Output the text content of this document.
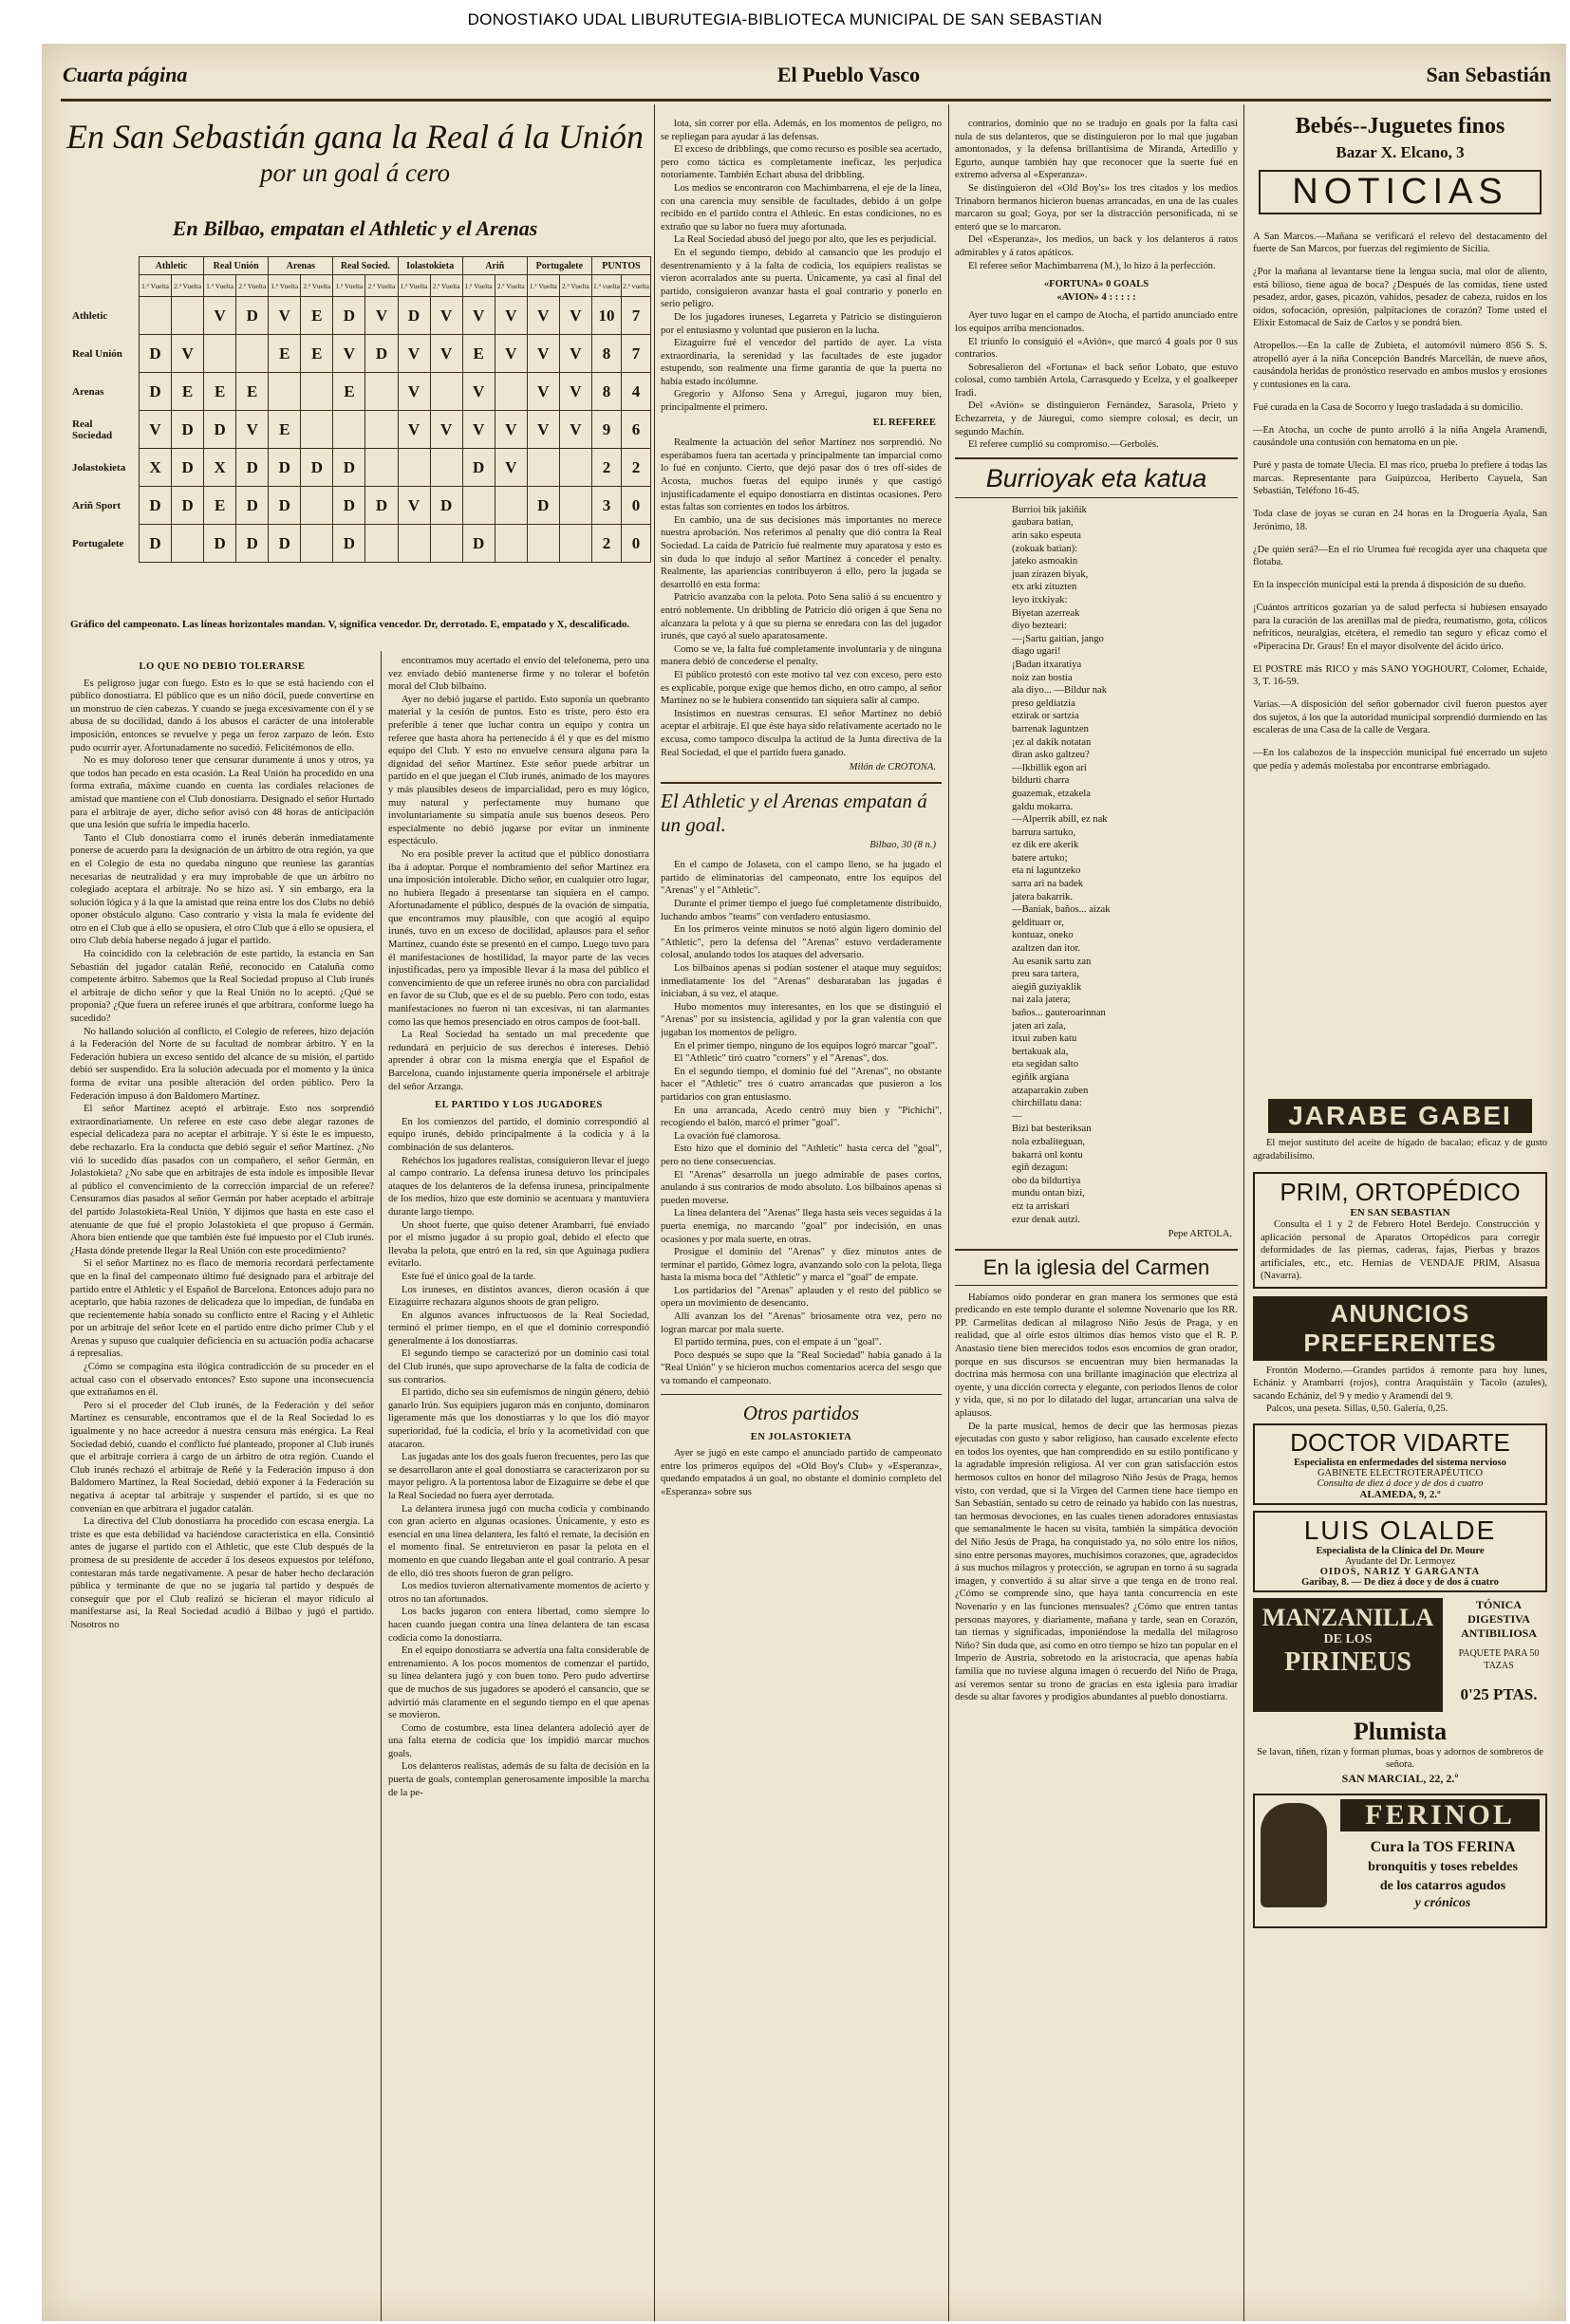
DONOSTIAKO UDAL LIBURUTEGIA-BIBLIOTECA MUNICIPAL DE SAN SEBASTIAN
Cuarta página	El Pueblo Vasco	San Sebastián
En San Sebastián gana la Real á la Unión
por un goal á cero
En Bilbao, empatan el Athletic y el Arenas
	Athletic		Real Unión		Arenas		Real Socied.		Iolastokieta		Ariñ		Portugalete		PUNTOS	
	1.ª Vuelta	2.ª Vuelta	1.ª Vuelta	2.ª Vuelta	1.ª Vuelta	2.ª Vuelta	1.ª Vuelta	2.ª Vuelta	1.ª Vuelta	2.ª Vuelta	1.ª Vuelta	2.ª Vuelta	1.ª Vuelta	2.ª Vuelta	1.ª vuelta	2.ª vuelta
Athletic			V	D	V	E	D	V	D	V	V	V	V	V	10	7
Real Unión	D	V			E	E	V	D	V	V	E	V	V	V	8	7
Arenas	D	E	E	E			E		V		V		V	V	8	4
Real Sociedad	V	D	D	V	E				V	V	V	V	V	V	9	6
Jolastokieta	X	D	X	D	D	D	D				D	V			2	2
Ariñ Sport	D	D	E	D	D		D	D	V	D			D		3	0
Portugalete	D		D	D	D		D				D				2	0
Gráfico del campeonato. Las líneas horizontales mandan. V, significa vencedor. Dr, derrotado. E, empatado y X, descalificado.
LO QUE NO DEBIO TOLERARSE

Es peligroso jugar con fuego. Esto es lo que se está haciendo con el público donostiarra. El público que es un niño dócil, puede convertirse en un monstruo de cien cabezas. Y cuando se juega excesivamente con él y se abusa de su docilidad, dando á los abusos el carácter de una intolerable imposición, entonces se revuelve y pega un feroz zarpazo de león. Esto pudo ocurrir ayer. Afortunadamente no sucedió. Felicitémonos de ello.

No es muy doloroso tener que censurar duramente á unos y otros, ya que todos han pecado en esta ocasión. La Real Unión ha procedido en una forma extraña, máxime cuando en cuenta las cordiales relaciones de amistad que mantiene con el Club donostiarra. Designado el señor Hurtado para el arbitraje de ayer, dicho señor avisó con 48 horas de anticipación que una lesión que sufría le impedía hacerlo.

Tanto el Club donostiarra como el irunés deberán inmediatamente ponerse de acuerdo para la designación de un árbitro de otra región, ya que en el Colegio de esta no quedaba ninguno que reuniese las garantías necesarias de neutralidad y era muy improbable de que un árbitro no colegiado aceptara el arbitraje. No se hizo así. Y sin embargo, era la solución lógica y á la que la amistad que reina entre los dos Clubs no debió oponer obstáculo alguno. Caso contrario y vista la mala fe evidente del otro en el Club que á ello se opusiera, el otro Club que á ello se opusiera, el otro Club debía haberse negado á jugar el partido.

Ha coincidido con la celebración de este partido, la estancia en San Sebastián del jugador catalán Reñé, reconocido en Cataluña como competente árbitro. Sabemos que la Real Sociedad propuso al Club irunés el arbitraje de dicho señor y que la Real Unión no lo aceptó. ¿Qué se proponía? ¿Que fuera un referee irunés el que arbitrara, conforme luego ha sucedido?

No hallando solución al conflicto, el Colegio de referees, hizo dejación á la Federación del Norte de su facultad de nombrar árbitro. Y en la Federación hubiera un exceso sentido del alcance de su misión, el partido debió ser suspendido. Era la solución adecuada por el momento y la única forma de evitar una posible alteración del orden público. Pero la Federación impuso á don Baldomero Martínez.

El señor Martínez aceptó el arbitraje. Esto nos sorprendió extraordinariamente. Un referee en este caso debe alegar razones de especial delicadeza para no aceptar el arbitraje. Y si éste le es impuesto, debe rechazarlo. Era la conducta que debió seguir el señor Martínez. ¿No vió lo sucedido días pasados con un compañero, el señor Germán, en Jolastokieta? ¿No sabe que en arbitrajes de esta índole es imposible llevar al público el convencimiento de la corrección imparcial de un referee? Censuramos días pasados al señor Germán por haber aceptado el arbitraje del partido Jolastokieta-Real Unión, Y dijimos que hasta en este caso el atenuante de que fué el propio Jolastokieta el que propuso á Germán. Ahora bien entiende que que también éste fué impuesto por el Club irunés. ¿Hasta dónde pretende llegar la Real Unión con este procedimiento?

Si el señor Martínez no es flaco de memoria recordará perfectamente que en la final del campeonato último fué designado para el arbitraje del partido entre el Athletic y el Español de Barcelona. Entonces adujo para no aceptarlo, que había razones de delicadeza que lo impedían, de fundaba en que recientemente había sonado su conflicto entre el Racing y el Athletic por un arbitraje del señor Icete en el partido entre dicho primer Club y el Arenas y supuso que cualquier deficiencia en su actuación podía achacarse á represalias.

¿Cómo se compagina esta ilógica contradicción de su proceder en el actual caso con el observado entonces? Esto supone una inconsecuencia que extrañamos en él.

Pero si el proceder del Club irunés, de la Federación y del señor Martínez es censurable, encontramos que el de la Real Sociedad lo es igualmente y no hace acreedor á nuestra censura más enérgica. La Real Sociedad debió, cuando el conflicto fué planteado, proponer al Club irunés que el arbitraje corriera á cargo de un árbitro de otra región. Cuando el Club irunés rechazó el arbitraje de Reñé y la Federación impuso á don Baldomero Martínez, la Real Sociedad, debió exponer á la Federación su negativa á aceptar tal arbitraje y suspender el partido, si es que no convenían en que arbitrara el jugador catalán.

La directiva del Club donostiarra ha procedido con escasa energía. La triste es que esta debilidad va haciéndose característica en ella. Consintió antes de jugarse el partido con el Athletic, que este Club después de la promesa de su presidente de acceder á los deseos expuestos por teléfono, contestaran más tarde negativamente. A pesar de haber hecho declaración pública y terminante de que no se jugaría tal partido y después de conseguir que por el Club realizó se hicieran el mayor ridículo al manifestarse así, la Real Sociedad acudió á Bilbao y jugó el partido. Nosotros no

encontramos muy acertado el envío del telefonema, pero una vez enviado debió mantenerse firme y no tolerar el bofetón moral del Club bilbaíno.

Ayer no debió jugarse el partido. Esto suponía un quebranto material y la cesión de puntos. Esto es triste, pero ésto era preferible á tener que luchar contra un equipo y contra un referee que hasta ahora ha pertenecido á él y que es del mismo equipo del Club. Y esto no envuelve censura alguna para la dignidad del señor Martínez. Este señor puede arbitrar un partido en el que juegan el Club irunés, animado de los mayores y más plausibles deseos de imparcialidad, pero es muy lógico, muy natural y perfectamente muy humano que involuntariamente su simpatía anule sus buenos deseos. Pero especialmente no debió jugarse por evitar un inminente espectáculo.

No era posible prever la actitud que el público donostiarra iba á adoptar. Porque el nombramiento del señor Martínez era una imposición intolerable. Dicho señor, en cualquier otro lugar, no hubiera llegado á presentarse tan siquiera en el campo. Afortunadamente el público, después de la ovación de simpatía, que encontramos muy plausible, con que acogió al equipo irunés, tuvo en un exceso de docilidad, aplausos para el señor Martínez, cuando éste se presentó en el campo. Luego tuvo para él manifestaciones de hostilidad, la mayor parte de las veces injustificadas, pero ya imposible llevar á la masa del público el convencimiento de que un referee irunés no obra con parcialidad en favor de su Club, que es el de su pueblo. Pero con todo, estas manifestaciones no fueron ni tan excesivas, ni tan alarmantes como las que hemos presenciado en otros campos de foot-ball.

La Real Sociedad ha sentado un mal precedente que redundará en perjuicio de sus derechos é intereses. Debió aprender á obrar con la misma energía que el Español de Barcelona, cuando injustamente quería imponérsele el arbitraje del señor Arzanga.

EL PARTIDO Y LOS JUGADORES

En los comienzos del partido, el dominio correspondió al equipo irunés, debido principalmente á la codicia y á la combinación de sus delanteros.

Rehéchos los jugadores realistas, consiguieron llevar el juego al campo contrario. La defensa irunesa detuvo los principales ataques de los delanteros de la defensa irunesa, principalmente de los medios, hizo que este dominio se acentuara y mantuviera durante largo tiempo.

Un shoot fuerte, que quiso detener Arambarri, fué enviado por el mismo jugador á su propio goal, debido el efecto que llevaba la pelota, que entró en la red, sin que Aguinaga pudiera evitarlo.

Este fué el único goal de la tarde.

Los iruneses, en distintos avances, dieron ocasión á que Eizaguirre rechazara algunos shoots de gran peligro.

En algunos avances infructuosos de la Real Sociedad, terminó el primer tiempo, en el que el dominio correspondió generalmente á los donostiarras.

El segundo tiempo se caracterizó por un dominio casi total del Club irunés, que supo aprovecharse de la falta de codicia de sus contrarios.

El partido, dicho sea sin eufemismos de ningún género, debió ganarlo Irún. Sus equipiers jugaron más en conjunto, dominaron ligeramente más que los donostiarras y lo que los dió mayor superioridad, fué la codicia, el brío y la acometividad con que atacaron.

Las jugadas ante los dos goals fueron frecuentes, pero las que se desarrollaron ante el goal donostiarra se caracterizaron por su mayor peligro. A la portentosa labor de Eizaguirre se debe el que la Real Sociedad no fuera ayer derrotada.

La delantera irunesa jugó con mucha codicia y combinando con gran acierto en algunas ocasiones. Únicamente, y esto es esencial en una línea delantera, les faltó el remate, la decisión en el momento final. Se entretuvieron en pasar la pelota en el momento en que cuando llegaban ante el goal contrario. A pesar de ello, dió tres shoots fueron de gran peligro.

Los medios tuvieron alternativamente momentos de acierto y otros no tan afortunados.

Los backs jugaron con entera libertad, como siempre lo hacen cuando juegan contra una línea delantera de tan escasa codicia como la donostiarra.

En el equipo donostiarra se advertía una falta considerable de entrenamiento. A los pocos momentos de comenzar el partido, su línea delantera jugó y con buen tono. Pero pudo advertirse que de muchos de sus jugadores se apoderó el cansancio, que se advirtió más claramente en el segundo tiempo en el que apenas se movieron.

Como de costumbre, esta línea delantera adoleció ayer de una falta eterna de codicia que los impidió marcar muchos goals.

Los delanteros realistas, además de su falta de decisión en la puerta de goals, contemplan generosamente imposible la marcha de la pe-

lota, sin correr por ella. Además, en los momentos de peligro, no se repliegan para ayudar á las defensas.

El exceso de dribblings, que como recurso es posible sea acertado, pero como táctica es completamente ineficaz, les perjudica notoriamente. También Echart abusa del dribbling.

Los medios se encontraron con Machimbarrena, el eje de la línea, con una carencia muy sensible de facultades, debido á un golpe recibido en el partido contra el Athletic. En estas condiciones, no es extraño que su labor no fuera muy afortunada.

La Real Sociedad abusó del juego por alto, que les es perjudicial.

En el segundo tiempo, debido al cansancio que les produjo el desentrenamiento y á la falta de codicia, los equipiers realistas se vieron acorralados ante su puerta. Únicamente, ya casi al final del partido, consiguieron avanzar hasta el goal contrario y ponerlo en serio peligro.

De los jugadores iruneses, Legarreta y Patricio se distinguieron por el entusiasmo y voluntad que pusieron en la lucha.

Eizaguirre fué el vencedor del partido de ayer. La vista extraordinaria, la serenidad y las facultades de este jugador estupendo, son realmente una firme garantía de que la puerta no había estado incólumne.

Gregorio y Alfonso Sena y Arregui, jugaron muy bien, principalmente el primero.

EL REFEREE

Realmente la actuación del señor Martínez nos sorprendió. No esperábamos fuera tan acertada y principalmente tan imparcial como lo fué en conjunto. Cierto, que dejó pasar dos ó tres off-sides de Acosta, muchos fueras del equipo irunés y que castigó injustificadamente el equipo donostiarra en distintas ocasiones. Pero estas faltas son corrientes en todos los árbitros.

En cambio, una de sus decisiones más importantes no merece nuestra aprobación. Nos referimos al penalty que dió contra la Real Sociedad. La caída de Patricio fué realmente muy aparatosa y esto es sin duda lo que indujo al señor Martínez á conceder el penalty. Realmente, las apariencias contribuyeron á ello, pero la jugada se desarrolló en esta forma:

Patricio avanzaba con la pelota. Poto Sena salió á su encuentro y entró noblemente. Un dribbling de Patricio dió origen á que Sena no alcanzara la pelota y á que su pierna se enredara con las del jugador irunés, que cayó al suelo aparatosamente.

Como se ve, la falta fué completamente involuntaria y de ninguna manera debió de concederse el penalty.

El público protestó con este motivo tal vez con exceso, pero esto es explicable, porque exige que hemos dicho, en otro campo, al señor Martínez no se le hubiera consentido tan siquiera salir al campo.

Insistimos en nuestras censuras. El señor Martínez no debió aceptar el arbitraje. El que éste haya sido relativamente acertado no le excusa, como tampoco disculpa la actitud de la Junta directiva de la Real Sociedad, el que el partido fuera ganado.

Milón de CROTONA.
El Athletic y el Arenas empatan á un goal.
Bilbao, 30 (8 n.)

En el campo de Jolaseta, con el campo lleno, se ha jugado el partido de eliminatorias del campeonato, entre los equipos del "Arenas" y el "Athletic".

Durante el primer tiempo el juego fué completamente distribuido, luchando ambos "teams" con verdadero entusiasmo.

En los primeros veinte minutos se notó algún ligero dominio del "Athletic", pero la defensa del "Arenas" estuvo verdaderamente colosal, anulando todos los ataques del adversario.

Los bilbaínos apenas si podían sostener el ataque muy seguidos; inmediatamente los del "Arenas" desbarataban las jugadas é iniciaban, á su vez, el ataque.

Hubo momentos muy interesantes, en los que se distinguió el "Arenas" por su insistencia, agilidad y por la gran valentía con que jugaban los momentos de peligro.

En el primer tiempo, ninguno de los equipos logró marcar "goal".

El "Athletic" tiró cuatro "corners" y el "Arenas", dos.

En el segundo tiempo, el dominio fué del "Arenas", no obstante hacer el "Athletic" tres ó cuatro arrancadas que pusieron a los partidarios con gran entusiasmo.

En una arrancada, Acedo centró muy bien y "Pichichi", recogiendo el balón, marcó el primer "goal".

La ovación fué clamorosa.

Esto hizo que el dominio del "Athletic" hasta cerca del "goal", pero no tiene consecuencias.

El "Arenas" desarrolla un juego admirable de pases cortos, anulando á sus contrarios de modo absoluto. Los bilbaínos apenas si pueden moverse.

La línea delantera del "Arenas" llega hasta seis veces seguidas á la puerta enemiga, no marcando "goal" por indecisión, en unas ocasiones y por mala suerte, en otras.

Prosigue el dominio del "Arenas" y diez minutos antes de terminar el partido, Gómez logra, avanzando solo con la pelota, llega hasta la misma boca del "Athletic" y marca el "goal" de empate.

Los partidarios del "Arenas" aplauden y el resto del público se opera un movimiento de desencanto.

Allí avanzan los del "Arenas" briosamente otra vez, pero no logran marcar por mala suerte.

El partido termina, pues, con el empate á un "goal".

Poco después se supo que la "Real Sociedad" había ganado á la "Real Unión" y se hicieron muchos comentarios acerca del sesgo que va tomando el campeonato.

Otros partidos
EN JOLASTOKIETA

Ayer se jugó en este campo el anunciado partido de campeonato entre los primeros equipos del «Old Boy's Club» y «Esperanza», quedando empatados á un goal, no obstante el dominio completo del «Esperanza» sobre sus

contrarios, dominio que no se tradujo en goals por la falta casi nula de sus delanteros, que se distinguieron por lo mal que jugaban amontonados, y la defensa brillantísima de Miranda, Artedillo y Egurto, aunque también hay que reconocer que la suerte fué en extremo adversa al «Esperanza».

Se distinguieron del «Old Boy's» los tres citados y los medios Trinaborn hermanos hicieron buenas arrancadas, en una de las cuales marcaron su goal; Goya, por ser la distracción personificada, ni se enteró que se lo marcaron.

Del «Esperanza», los medios, un back y los delanteros á ratos admirables y á ratos apáticos.

El referee señor Machimbarrena (M.), lo hizo á la perfección.

«FORTUNA» 0 GOALS
«AVION» 4 : : : : :

Ayer tuvo lugar en el campo de Atocha, el partido anunciado entre los equipos arriba mencionados.

El triunfo lo consiguió el «Avión», que marcó 4 goals por 0 sus contrarios.

Sobresalieron del «Fortuna» el back señor Lobato, que estuvo colosal, como también Artola, Carrasquedo y Ecelza, y el goalkeeper Iradi.

Del «Avión» se distinguieron Fernández, Sarasola, Prieto y Echezarreta, y de Jáuregui, como siempre colosal, es decir, un segundo Machín.

El referee cumplió su compromiso.—Gerbolés.

Burrioyak eta katua
Burrioi bik jakiñik
gaubara batian,
arin sako espeuta
(zokuak batian):
jateko asmoakin
juan zirazen biyak,
etx arki zituzten
leyo itxkiyak:
Biyetan azerreak
diyo bezteari:
—¡Sartu gaitian, jango
diago ugari!
¡Badan itxaratiya
noiz zan bostia
ala diyo... —Bildur nak
preso geldiatzia
etzirak or sartzia
barrenak laguntzen
¡ez al dakik notatan
diran asko galtzeu?
—Ikbillik egon ari
bildurti charra
guazemak, etzakela
galdu mokarra.
—Alperrik abill, ez nak
barrura sartuko,
ez dik ere akerik
batere artuko;
eta ni laguntzeko
sarra ari na badek
jatera bakarrik.
—Baniak, baños... aizak
geldituarr or,
kontuaz, oneko
azaltzen dan itor.
Au esanik sartu zan
preu sara tartera,
aiegiñ guziyaklik
nai zala jatera;
baños... gauteroarinnan
jaten ari zala,
itxui zuben katu
bertakuak ala,
eta segidan salto
egiñik argiana
atzaparrakin zuben
chirchillatu dana:
—
Bizi bat besteriksan
nola ezbaliteguan,
bakarrá onl kontu
egiñ dezagun:
obo da bildurtiya
mundu ontan bizi,
etz ta arriskari
ezur denak autzi.
Pepe ARTOLA.
En la iglesia del Carmen

Habíamos oído ponderar en gran manera los sermones que está predicando en este templo durante el solemne Novenario que los RR. PP. Carmelitas dedican al milagroso Niño Jesús de Praga, y en realidad, que al oírle estos últimos días hemos visto que el R. P. Anastasio tiene bien merecidos todos esos encomios de gran orador, porque en sus discursos se encuentran muy bien hermanadas la doctrina más hermosa con una brillante imaginación que electriza al oyente, y una dicción correcta y elegante, con periodos llenos de color y vida, que, si no por lo dilatado del lugar, arrancarían una salva de aplausos.

De la parte musical, hemos de decir que las hermosas piezas ejecutadas con gusto y sabor religioso, han causado excelente efecto en todos los oyentes, que han comprendido en su estilo pontificano y la agradable impresión religiosa. Al ver con gran satisfacción estos hermosos cultos en honor del milagroso Niño Jesús de Praga, hemos visto, con verdad, que si la Virgen del Carmen tiene hace tiempo en San Sebastián, sentado su cetro de reinado ya habido con las nuestras, tan hermosas devociones, en las cuales tienen adoradores entusiastas que semanalmente le hacen su visita, también la simpática devoción del Niño Jesús de Praga, ha conquistado ya, no sólo entre los niños, sino entre personas mayores, muchísimos corazones, que, agradecidos á sus muchos milagros y protección, se agrupan en torno á su sagrada imagen, y convertido á su altar sirve a que tenga en de trono real. ¿Cómo se comprende sino, que haya tanta concurrencia en este Novenario y en las funciones mensuales? ¿Cómo que entren tantas personas mayores, y diariamente, mañana y tarde, sean en Corazón, tan tiernas y significadas, imponiéndose la medalla del milagroso Niño? Sin duda que, así como en otro tiempo se hizo tan popular en el Imperio de Austria, sobretodo en la aristocracia, que apenas había familia que no tuviese alguna imagen ó recuerdo del Niño de Praga, así veremos sentar su trono de gracias en esta iglesia para irradiar desde su altar favores y prodigios abundantes al pueblo donostiarra.

Bebés--Juguetes finos
Bazar X. Elcano, 3
NOTICIAS

A San Marcos.—Mañana se verificará el relevo del destacamento del fuerte de San Marcos, por fuerzas del regimiento de Sicilia.

¿Por la mañana al levantarse tiene la lengua sucia, mal olor de aliento, está bilioso, tiene agua de boca? ¿Después de las comidas, tiene usted pesadez, ardor, gases, picazón, vahídos, pesadez de cabeza, ruidos en los oídos, sofocación, opresión, palpitaciones de corazón? Tome usted el Elixir Estomacal de Saiz de Carlos y se pondrá bien.

Atropellos.—En la calle de Zubieta, el automóvil número 856 S. S. atropelló ayer á la niña Concepción Bandrés Marcellán, de nueve años, causándola heridas de pronóstico reservado en ambos muslos y erosiones y contusiones en la cara.

Fué curada en la Casa de Socorro y luego trasladada á su domicilio.

—En Atocha, un coche de punto arrolló á la niña Angela Aramendi, causándole una contusión con hematoma en un pie.

Puré y pasta de tomate Ulecia. El mas rico, prueba lo prefiere á todas las marcas. Representante para Guipúzcoa, Heriberto Cayuela, San Sebastián, Teléfono 16-45.

Toda clase de joyas se curan en 24 horas en la Droguería Ayala, San Jerónimo, 18.

¿De quién será?—En el río Urumea fué recogida ayer una chaqueta que flotaba.

En la inspección municipal está la prenda á disposición de su dueño.

¡Cuántos artríticos gozarían ya de salud perfecta si hubiesen ensayado para la curación de las arenillas mal de piedra, reumatismo, gota, cólicos nefríticos, neuralgias, etcétera, el remedio tan seguro y eficaz como el «Piperacina Dr. Graus! En el mayor disolvente del ácido úrico.

El POSTRE más RICO y más SANO YOGHOURT, Colomer, Echaide, 3, T. 16-59.

Varias.—A disposición del señor gobernador civil fueron puestos ayer dos sujetos, á los que la autoridad municipal sorprendió durmiendo en las escaleras de una Casa de la calle de Vergara.

—En los calabozos de la inspección municipal fué encerrado un sujeto que pedía y además molestaba por encontrarse embriagado.

JARABE GABEI
El mejor sustituto del aceite de hígado de bacalao; eficaz y de gusto agradabilísimo.
PRIM, ORTOPÉDICO
EN SAN SEBASTIAN
Consulta el 1 y 2 de Febrero Hotel Berdejo. Construcción y aplicación personal de Aparatos Ortopédicos para corregir deformidades de las piernas, caderas, fajas, Pierbas y brazos artificiales, etc., etc. Hernias de VENDAJE PRIM, Alsasua (Navarra).
ANUNCIOS PREFERENTES
Frontón Moderno.—Grandes partidos á remonte para hoy lunes, Echániz y Arambarri (rojos), contra Araquistáin y Tacolo (azules), sacando Echániz, del 9 y medio y Aramendi del 9.
Palcos, una peseta. Sillas, 0,50. Galería, 0,25.
DOCTOR VIDARTE
Especialista en enfermedades del sistema nervioso
GABINETE ELECTROTERAPÉUTICO
Consulta de diez á doce y de dos á cuatro
ALAMEDA, 9, 2.º
LUIS OLALDE
Especialista de la Clínica del Dr. Moure
Ayudante del Dr. Lermoyez
OIDOS, NARIZ Y GARGANTA
Garibay, 8. — De diez á doce y de dos á cuatro
MANZANILLA
DE LOS
PIRINEUS
TÓNICA DIGESTIVA ANTIBILIOSA
PAQUETE PARA 50 TAZAS
0'25 PTAS.
Plumista
Se lavan, tiñen, rizan y forman plumas, boas y adornos de sombreros de señora.
SAN MARCIAL, 22, 2.º
FERINOL
Cura la TOS FERINA
bronquitis y toses rebeldes
de los catarros agudos
y crónicos
